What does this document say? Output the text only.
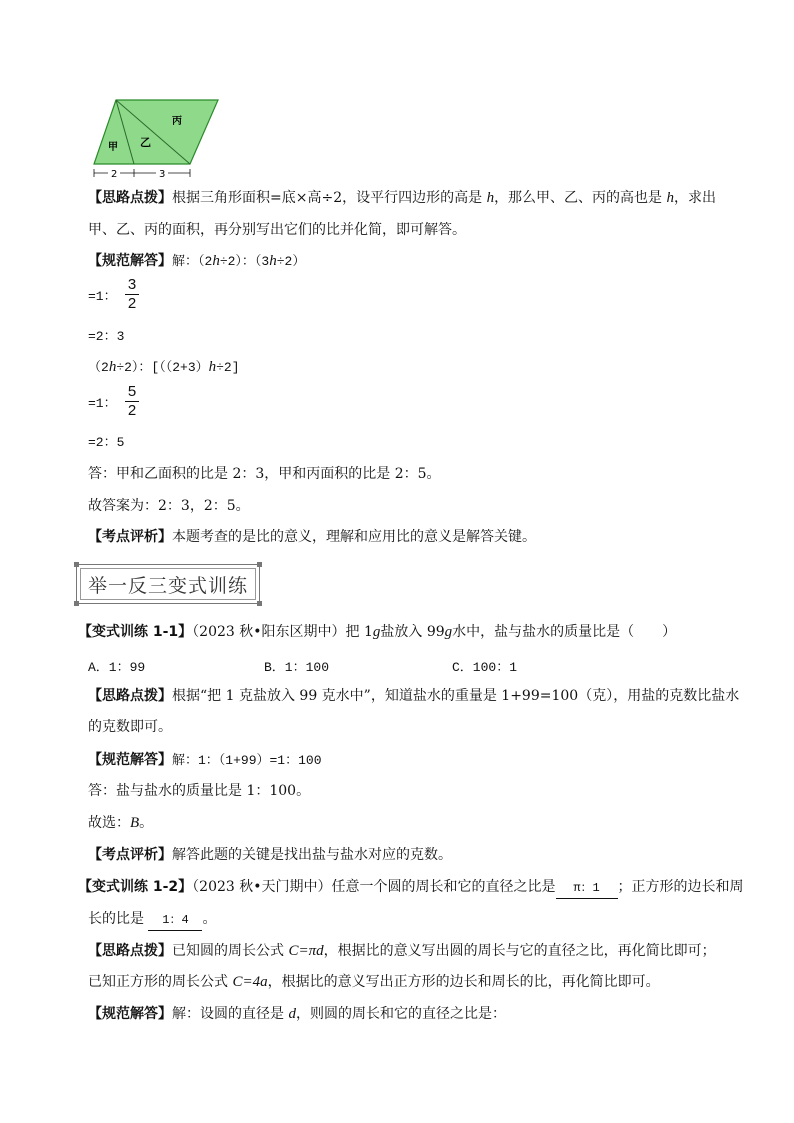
甲 乙
丙
2	3
【思路点拨】根据三角形面积=底×高÷2，设平行四边形的高是 h，那么甲、乙、丙的高也是 h，求出
甲、乙、丙的面积，再分别写出它们的比并化简，即可解答。
【规范解答】解：（2h÷2）：（3h÷2）
=1：
3
2
=2：3
（2h÷2）：[（（2+3）h÷2]
=1：
5
2
=2：5
答：甲和乙面积的比是 2：3，甲和丙面积的比是 2：5。
故答案为：2：3，2：5。
【考点评析】本题考查的是比的意义，理解和应用比的意义是解答关键。
举一反三变式训练
【变式训练 1-1】（2023 秋•阳东区期中）把 1g盐放入 99g水中，盐与盐水的质量比是（　　）
A．1：99	B．1：100	C．100：1
【思路点拨】根据“把 1 克盐放入 99 克水中”，知道盐水的重量是 1+99=100（克），用盐的克数比盐水
的克数即可。
【规范解答】解：1：（1+99）=1：100
答：盐与盐水的质量比是 1：100。
故选：B。
【考点评析】解答此题的关键是找出盐与盐水对应的克数。
【变式训练 1-2】（2023 秋•天门期中）任意一个圆的周长和它的直径之比是 π：1 ；正方形的边长和周
长的比是 1：4 。
【思路点拨】已知圆的周长公式 C=πd，根据比的意义写出圆的周长与它的直径之比，再化简比即可；
已知正方形的周长公式 C=4a，根据比的意义写出正方形的边长和周长的比，再化简比即可。
【规范解答】解：设圆的直径是 d，则圆的周长和它的直径之比是：
